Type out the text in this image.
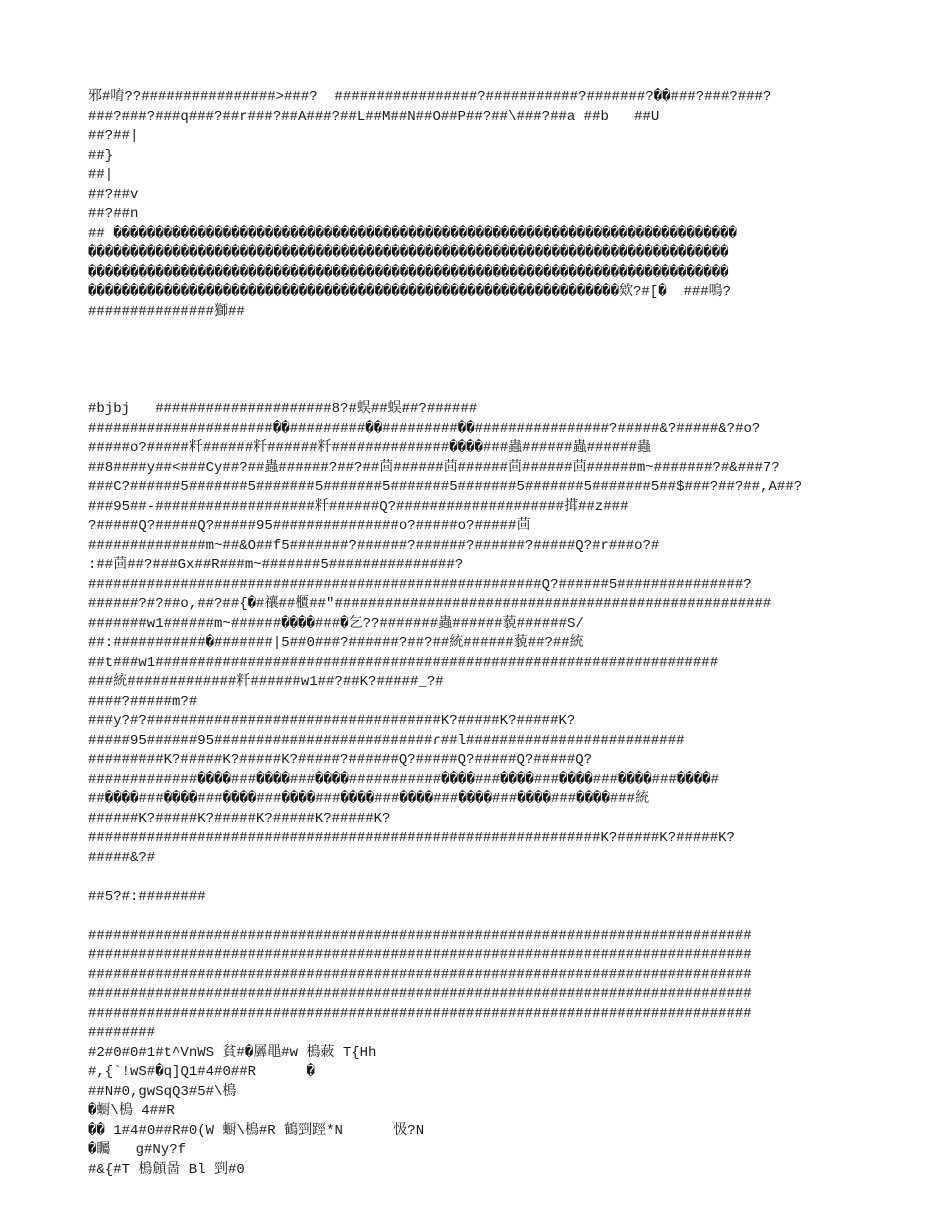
邪#唷??################>###?  #################?###########?#######?��###?###?###?
###?###?###q###?##r###?##A###?##L##M##N##O##P##?##\###?##a ##b   ##U
##?##|
##}
##|
##?##v
##?##n
## ��������������������������������������������������������������������������
����������������������������������������������������������������������������
����������������������������������������������������������������������������
���������������������������������������������������������������欸?#[�  ###鳴?
###############獅##
#bjbj   #####################8?#蜈##蜈##?######
######################��#########��#########��################?#####&?#####&?#o?
#####o?#####粁######粁######粁##############����###蟲######蟲######蟲
##8####y##<###Cy##?##蟲######?##?##茴######茴######茴######茴######m~#######?#&###7?
###C?######5#######5#######5#######5#######5#######5#######5#######5##$###?##?##,A##?
###95##-###################粁######Q?####################搑##z###
?#####Q?#####Q?#####95###############o?#####o?#####茴
##############m~##&O##f5#######?######?######?######?#####Q?#r###o?#
:##茴##?###Gx##R###m~#######5###############?
######################################################Q?######5###############?
######?#?##o,##?##{�#禳##櫃##"####################################################
#######w1######m~######����###�乞??#######蟲######藐######S/
##:###########�#######|5##0###?######?##?##統######藐##?##統
##t###w1###################################################################
###統#############粁######w1##?##K?#####_?#
####?#####m?#
###y?#?###################################K?#####K?#####K?
#####95######95##########################ɾ##l##########################
#########K?#####K?#####K?#####?######Q?#####Q?#####Q?#####Q?
#############����###����###����###########����###����###����###����###����#
##����###����###����###����###����###����###����###����###����###統
######K?#####K?#####K?#####K?#####K?
#############################################################K?#####K?#####K?
#####&?#
##5?#:########
###############################################################################
###############################################################################
###############################################################################
###############################################################################
###############################################################################
########
#2#0#0#1#t^VnWS 貧#�羼黽#w 樢蓛 T{Hh
#,{`!wS#�q]Q1#4#0##R      �
##N#0,gwSqQ3#5#\樢
�蟵\樢 4##R
�� 1#4#0##R#0(W 蟵\樢#R 鶴剄踁*N      忣?N
�矚   g#Ny?f
#&{#T 樢頠啚 Bl 剄#0
